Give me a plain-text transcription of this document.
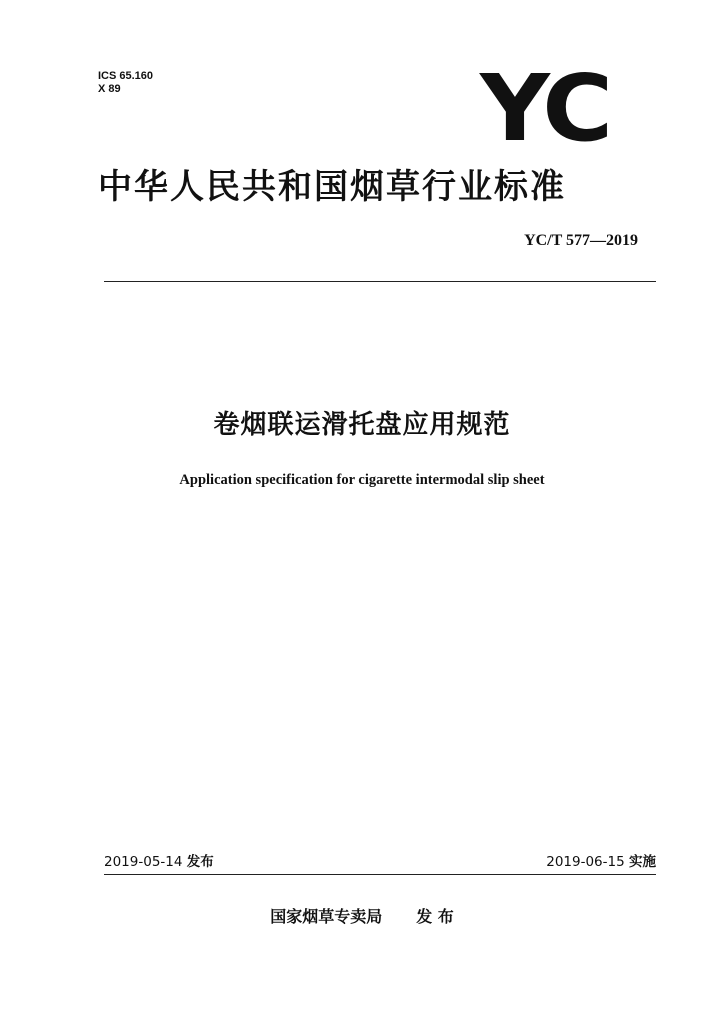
ICS 65.160
X 89	YC
中华人民共和国烟草行业标准
YC/T 577—2019
卷烟联运滑托盘应用规范
Application specification for cigarette intermodal slip sheet
2019-05-14 发布	2019-06-15 实施
国家烟草专卖局 发 布
